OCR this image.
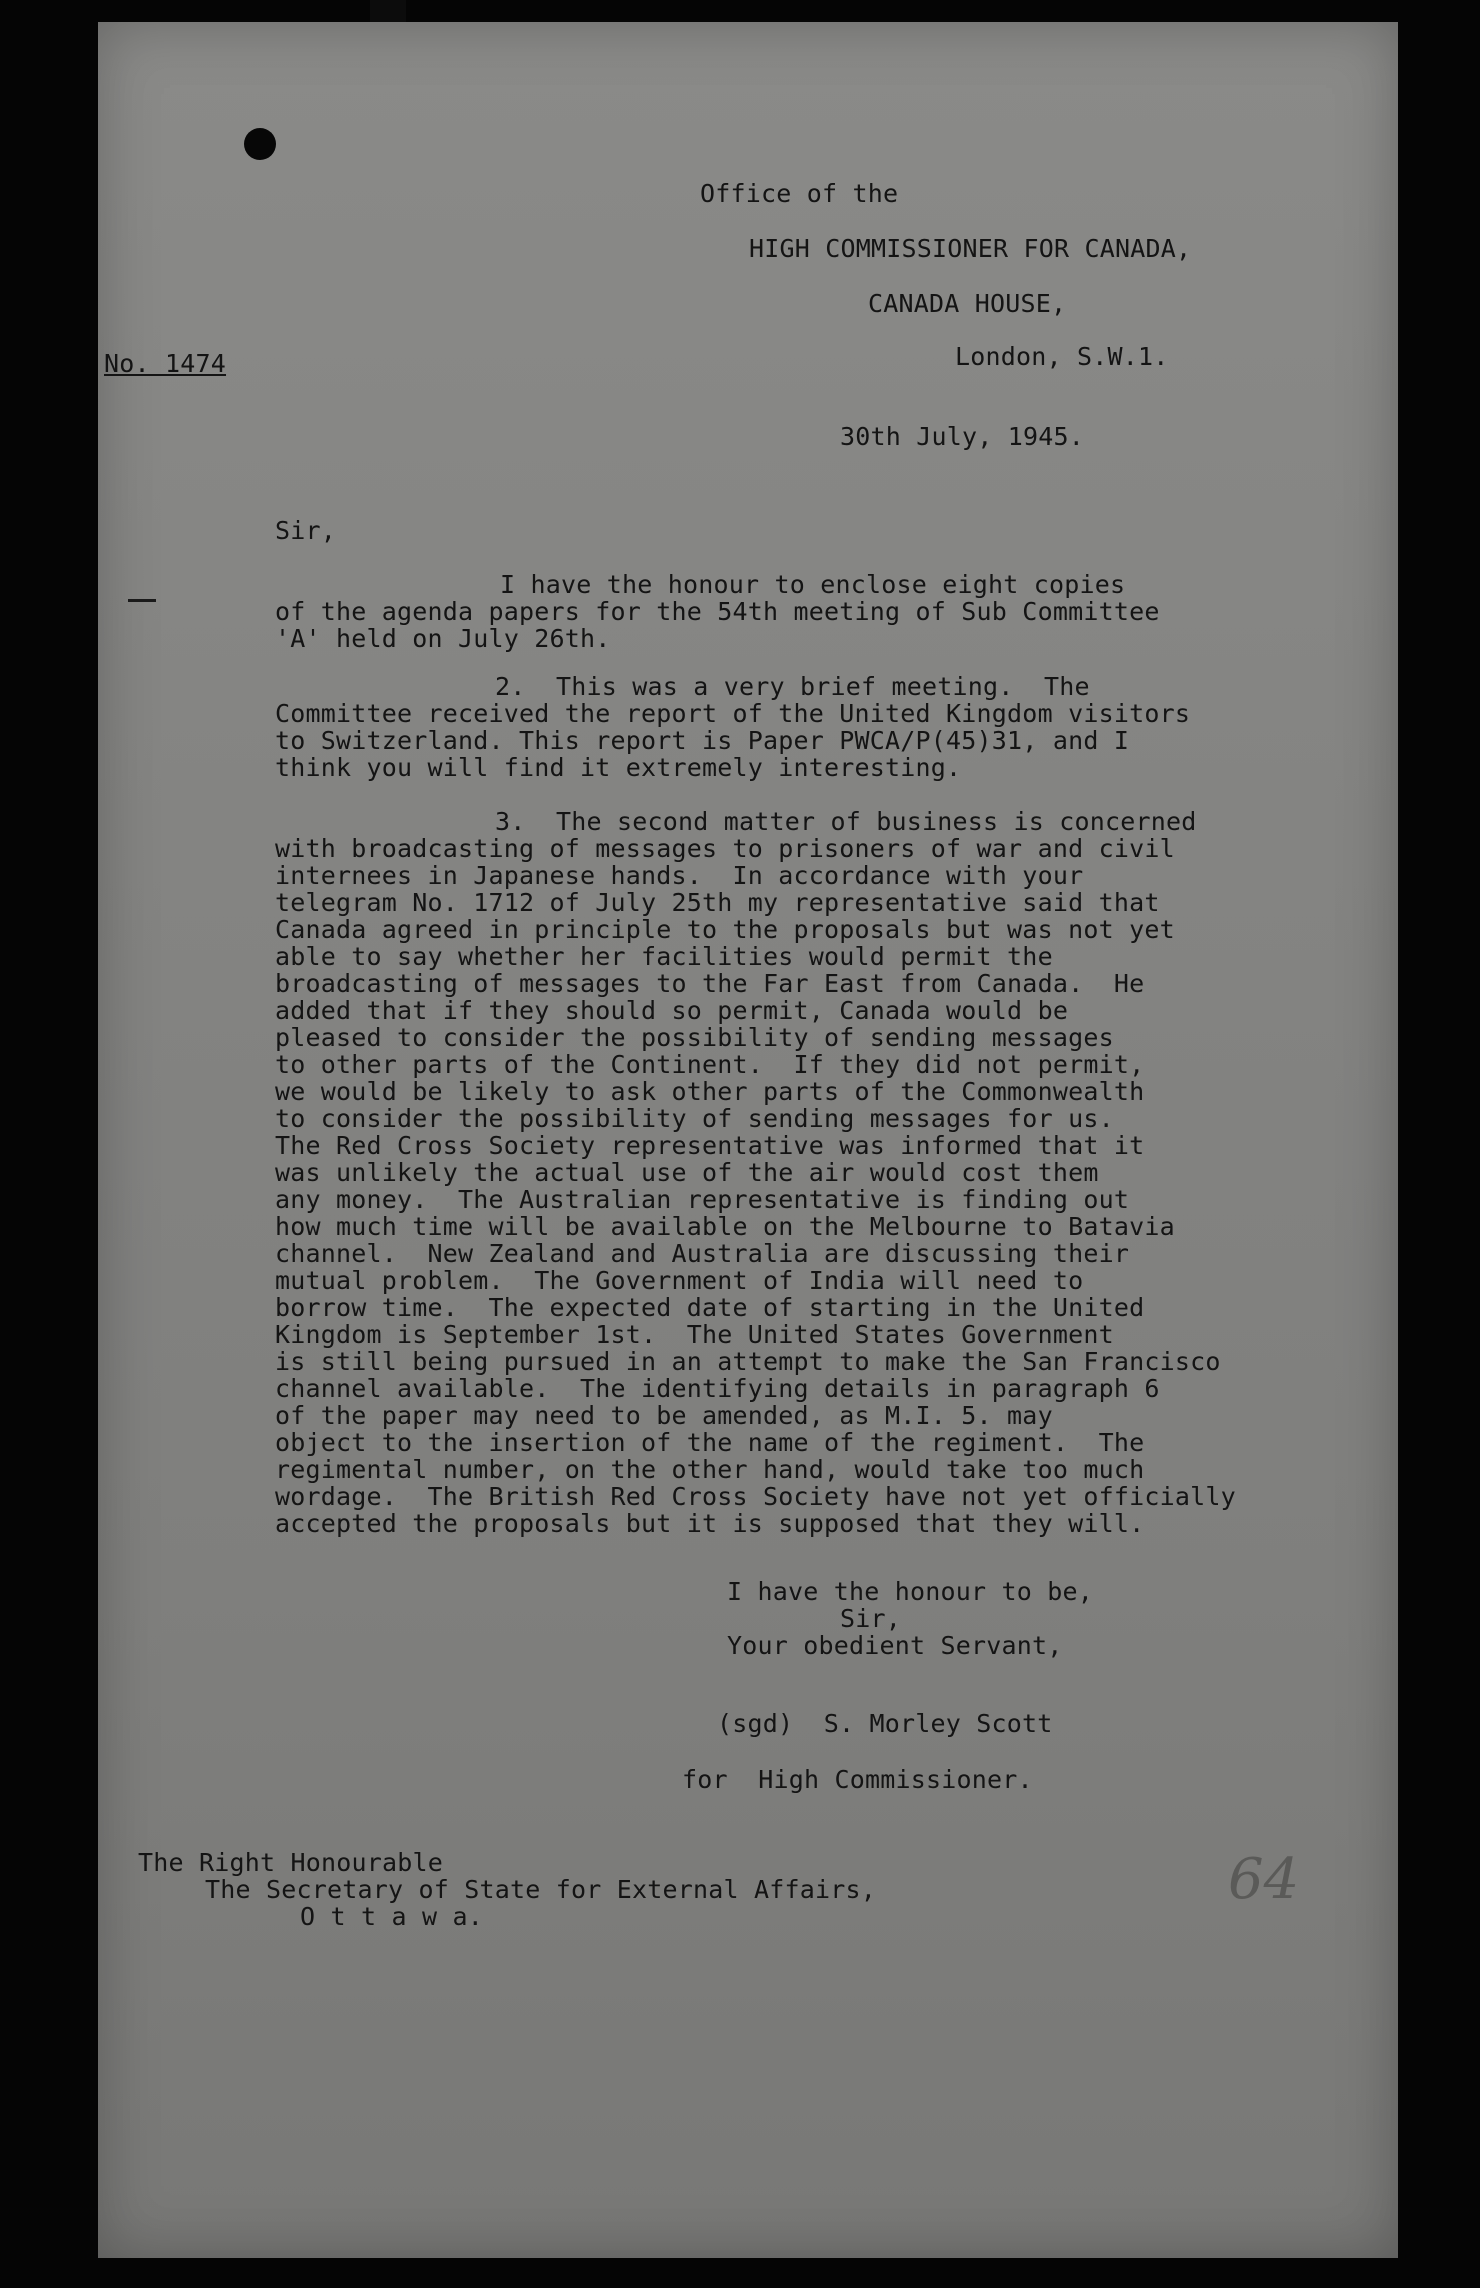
Office of the

HIGH COMMISSIONER FOR CANADA,

CANADA HOUSE,

London, S.W.1.

No. 1474

30th July, 1945.

Sir,

I have the honour to enclose eight copies

of the agenda papers for the 54th meeting of Sub Committee

'A' held on July 26th.

2.  This was a very brief meeting.  The

Committee received the report of the United Kingdom visitors

to Switzerland. This report is Paper PWCA/P(45)31, and I

think you will find it extremely interesting.

3.  The second matter of business is concerned

with broadcasting of messages to prisoners of war and civil

internees in Japanese hands.  In accordance with your

telegram No. 1712 of July 25th my representative said that

Canada agreed in principle to the proposals but was not yet

able to say whether her facilities would permit the

broadcasting of messages to the Far East from Canada.  He

added that if they should so permit, Canada would be

pleased to consider the possibility of sending messages

to other parts of the Continent.  If they did not permit,

we would be likely to ask other parts of the Commonwealth

to consider the possibility of sending messages for us.

The Red Cross Society representative was informed that it

was unlikely the actual use of the air would cost them

any money.  The Australian representative is finding out

how much time will be available on the Melbourne to Batavia

channel.  New Zealand and Australia are discussing their

mutual problem.  The Government of India will need to

borrow time.  The expected date of starting in the United

Kingdom is September 1st.  The United States Government

is still being pursued in an attempt to make the San Francisco

channel available.  The identifying details in paragraph 6

of the paper may need to be amended, as M.I. 5. may

object to the insertion of the name of the regiment.  The

regimental number, on the other hand, would take too much

wordage.  The British Red Cross Society have not yet officially

accepted the proposals but it is supposed that they will.

I have the honour to be,

Sir,

Your obedient Servant,

(sgd)  S. Morley Scott

for  High Commissioner.

The Right Honourable

The Secretary of State for External Affairs,

O t t a w a.

64
